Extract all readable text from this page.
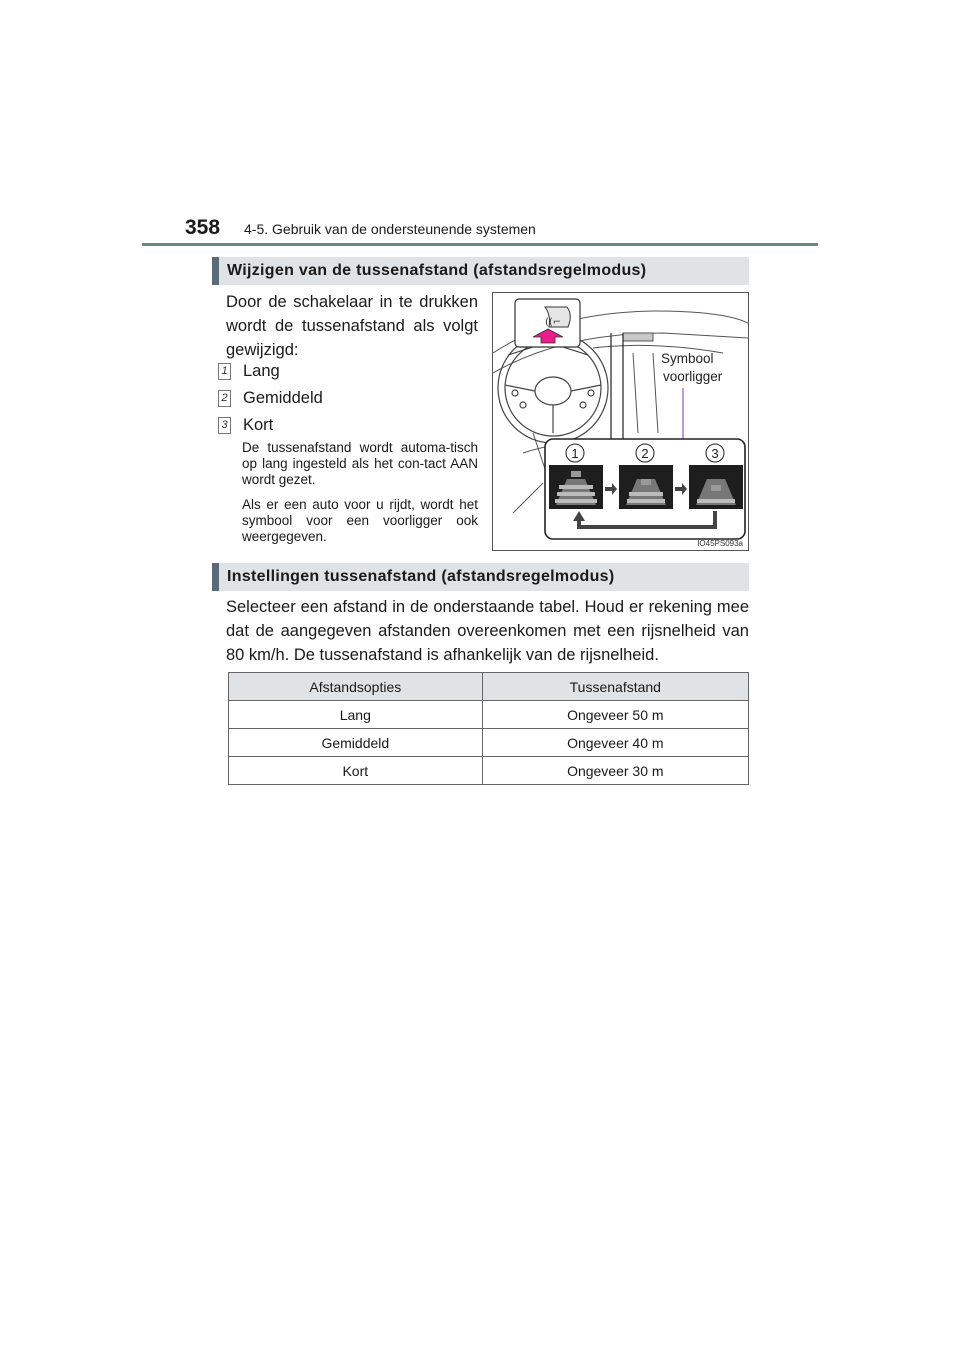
358 4-5. Gebruik van de ondersteunende systemen
Wijzigen van de tussenafstand (afstandsregelmodus)

Door de schakelaar in te drukken wordt de tussenafstand als volgt gewijzigd:

1 Lang
2 Gemiddeld
3 Kort

De tussenafstand wordt automa-tisch op lang ingesteld als het con-tact AAN wordt gezet.

Als er een auto voor u rijdt, wordt het symbool voor een voorligger ook weergegeven.

((⌐
Symbool
voorligger
1	2	3
IO45PS093a
Instellingen tussenafstand (afstandsregelmodus)

Selecteer een afstand in de onderstaande tabel. Houd er rekening mee dat de aangegeven afstanden overeenkomen met een rijsnelheid van 80 km/h. De tussenafstand is afhankelijk van de rijsnelheid.

Afstandsopties	Tussenafstand
Lang	Ongeveer 50 m
Gemiddeld	Ongeveer 40 m
Kort	Ongeveer 30 m
